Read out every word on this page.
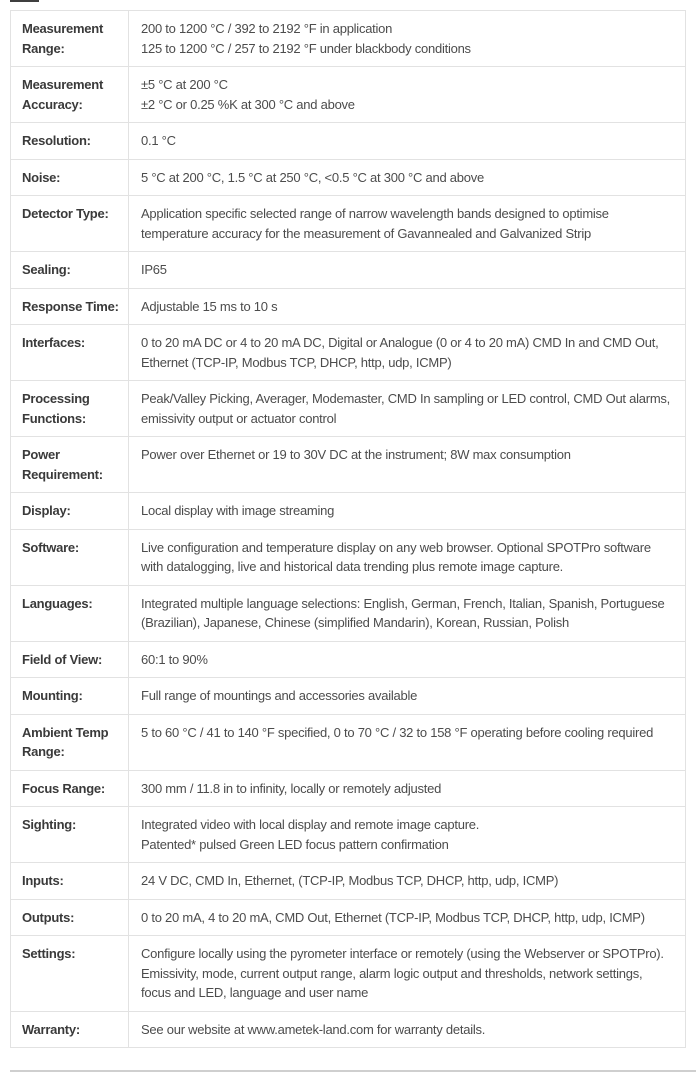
Measurement Range:	200 to 1200 °C / 392 to 2192 °F in application
125 to 1200 °C / 257 to 2192 °F under blackbody conditions
Measurement Accuracy:	±5 °C at 200 °C
±2 °C or 0.25 %K at 300 °C and above
Resolution:	0.1 °C
Noise:	5 °C at 200 °C, 1.5 °C at 250 °C, <0.5 °C at 300 °C and above
Detector Type:	Application specific selected range of narrow wavelength bands designed to optimise temperature accuracy for the measurement of Gavannealed and Galvanized Strip
Sealing:	IP65
Response Time:	Adjustable 15 ms to 10 s
Interfaces:	0 to 20 mA DC or 4 to 20 mA DC, Digital or Analogue (0 or 4 to 20 mA) CMD In and CMD Out, Ethernet (TCP-IP, Modbus TCP, DHCP, http, udp, ICMP)
Processing Functions:	Peak/Valley Picking, Averager, Modemaster, CMD In sampling or LED control, CMD Out alarms, emissivity output or actuator control
Power Requirement:	Power over Ethernet or 19 to 30V DC at the instrument; 8W max consumption
Display:	Local display with image streaming
Software:	Live configuration and temperature display on any web browser. Optional SPOTPro software with datalogging, live and historical data trending plus remote image capture.
Languages:	Integrated multiple language selections: English, German, French, Italian, Spanish, Portuguese (Brazilian), Japanese, Chinese (simplified Mandarin), Korean, Russian, Polish
Field of View:	60:1 to 90%
Mounting:	Full range of mountings and accessories available
Ambient Temp Range:	5 to 60 °C / 41 to 140 °F specified, 0 to 70 °C / 32 to 158 °F operating before cooling required
Focus Range:	300 mm / 11.8 in to infinity, locally or remotely adjusted
Sighting:	Integrated video with local display and remote image capture.
Patented* pulsed Green LED focus pattern confirmation
Inputs:	24 V DC, CMD In, Ethernet, (TCP-IP, Modbus TCP, DHCP, http, udp, ICMP)
Outputs:	0 to 20 mA, 4 to 20 mA, CMD Out, Ethernet (TCP-IP, Modbus TCP, DHCP, http, udp, ICMP)
Settings:	Configure locally using the pyrometer interface or remotely (using the Webserver or SPOTPro). Emissivity, mode, current output range, alarm logic output and thresholds, network settings, focus and LED, language and user name
Warranty:	See our website at www.ametek-land.com for warranty details.
